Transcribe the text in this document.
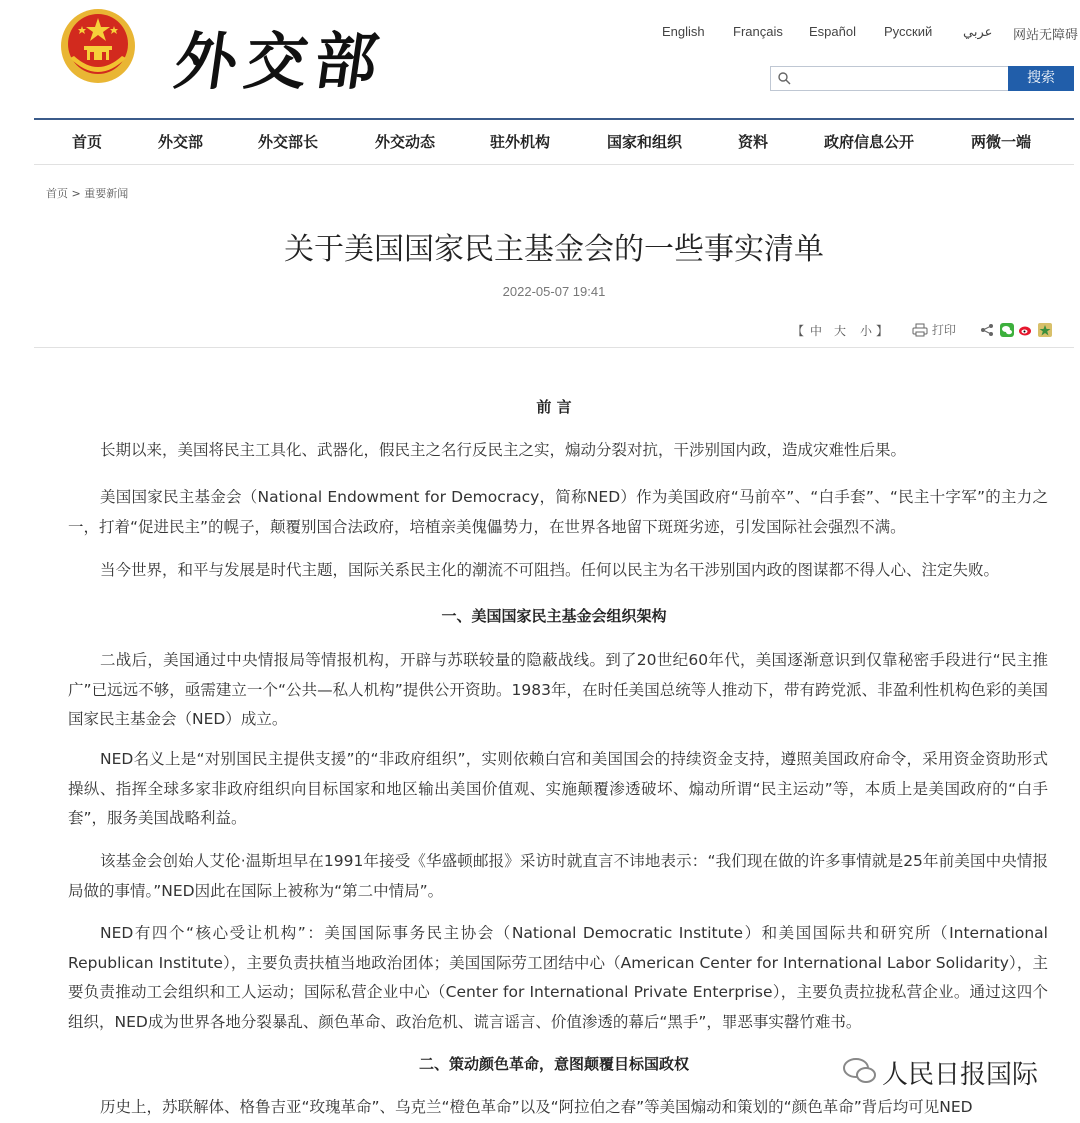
外交部	English Français Español Русский عربي 网站无障碍
搜索
首页	外交部	外交部长	外交动态	驻外机构	国家和组织	资料	政府信息公开	两微一端
首页 > 重要新闻
关于美国国家民主基金会的一些事实清单
2022-05-07 19:41
【 中 大 小 】	打印
前 言

长期以来，美国将民主工具化、武器化，假民主之名行反民主之实，煽动分裂对抗，干涉别国内政，造成灾难性后果。

美国国家民主基金会（National Endowment for Democracy，简称NED）作为美国政府“马前卒”、“白手套”、“民主十字军”的主力之一，打着“促进民主”的幌子，颠覆别国合法政府，培植亲美傀儡势力，在世界各地留下斑斑劣迹，引发国际社会强烈不满。

当今世界，和平与发展是时代主题，国际关系民主化的潮流不可阻挡。任何以民主为名干涉别国内政的图谋都不得人心、注定失败。

一、美国国家民主基金会组织架构

二战后，美国通过中央情报局等情报机构，开辟与苏联较量的隐蔽战线。到了20世纪60年代，美国逐渐意识到仅靠秘密手段进行“民主推广”已远远不够，亟需建立一个“公共—私人机构”提供公开资助。1983年，在时任美国总统等人推动下，带有跨党派、非盈利性机构色彩的美国国家民主基金会（NED）成立。

NED名义上是“对别国民主提供支援”的“非政府组织”，实则依赖白宫和美国国会的持续资金支持，遵照美国政府命令，采用资金资助形式操纵、指挥全球多家非政府组织向目标国家和地区输出美国价值观、实施颠覆渗透破坏、煽动所谓“民主运动”等，本质上是美国政府的“白手套”，服务美国战略利益。

该基金会创始人艾伦·温斯坦早在1991年接受《华盛顿邮报》采访时就直言不讳地表示：“我们现在做的许多事情就是25年前美国中央情报局做的事情。”NED因此在国际上被称为“第二中情局”。

NED有四个“核心受让机构”：美国国际事务民主协会（National Democratic Institute）和美国国际共和研究所（International Republican Institute），主要负责扶植当地政治团体；美国国际劳工团结中心（American Center for International Labor Solidarity），主要负责推动工会组织和工人运动；国际私营企业中心（Center for International Private Enterprise），主要负责拉拢私营企业。通过这四个组织，NED成为世界各地分裂暴乱、颜色革命、政治危机、谎言谣言、价值渗透的幕后“黑手”，罪恶事实罄竹难书。

二、策动颜色革命，意图颠覆目标国政权

历史上，苏联解体、格鲁吉亚“玫瑰革命”、乌克兰“橙色革命”以及“阿拉伯之春”等美国煽动和策划的“颜色革命”背后均可见NED

人民日报国际
